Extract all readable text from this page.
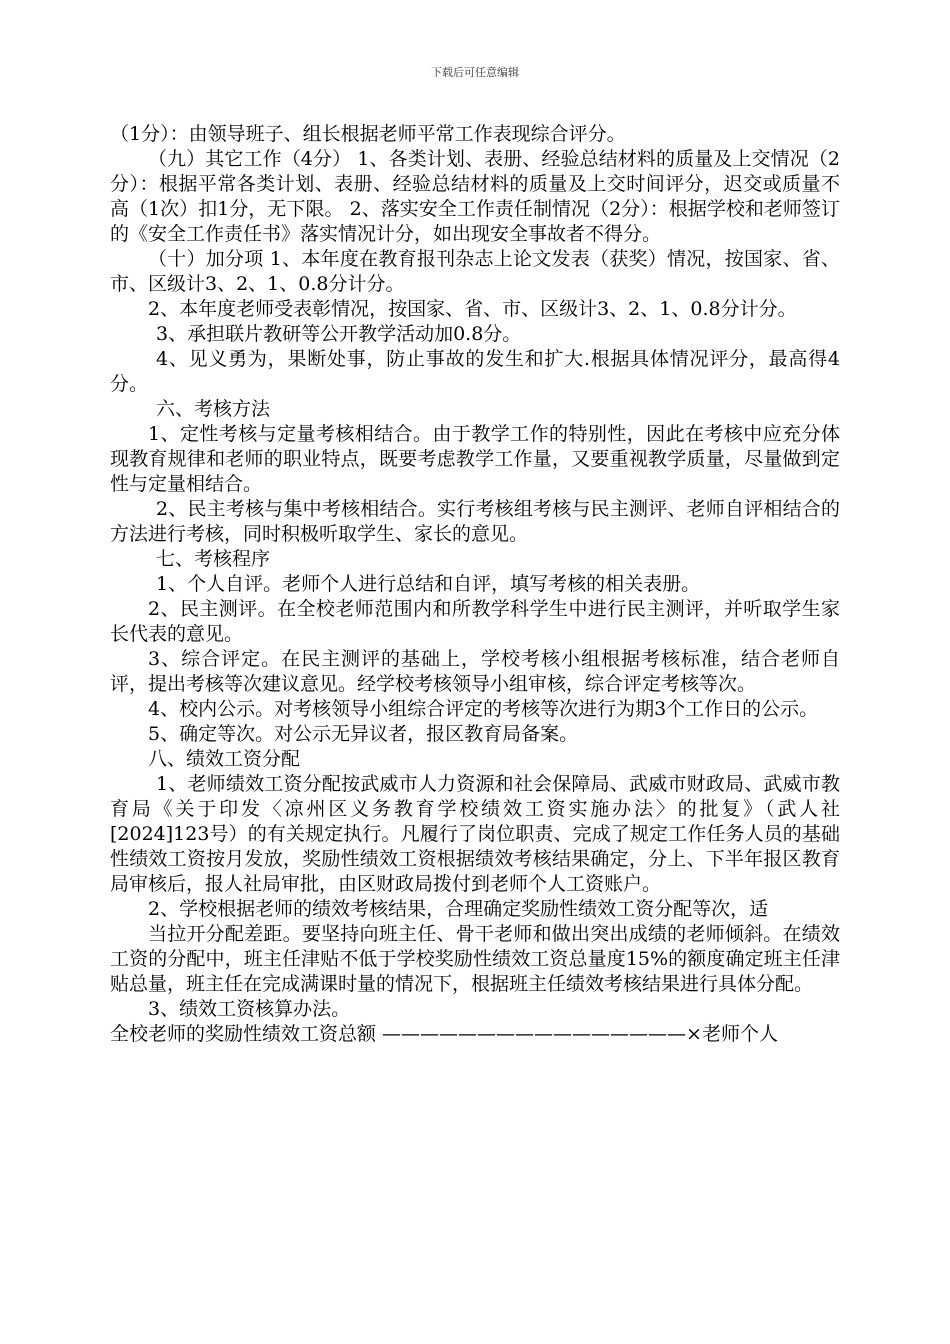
下载后可任意编辑

（1分）：由领导班子、组长根据老师平常工作表现综合评分。

（九）其它工作（4分） 1、各类计划、表册、经验总结材料的质量及上交情况（2分）：根据平常各类计划、表册、经验总结材料的质量及上交时间评分，迟交或质量不高（1次）扣1分，无下限。 2、落实安全工作责任制情况（2分）：根据学校和老师签订的《安全工作责任书》落实情况计分，如出现安全事故者不得分。

（十）加分项 1、本年度在教育报刊杂志上论文发表（获奖）情况，按国家、省、市、区级计3、2、1、0.8分计分。

2、本年度老师受表彰情况，按国家、省、市、区级计3、2、1、0.8分计分。

3、承担联片教研等公开教学活动加0.8分。

4、见义勇为，果断处事，防止事故的发生和扩大.根据具体情况评分，最高得4分。

六、考核方法

1、定性考核与定量考核相结合。由于教学工作的特别性，因此在考核中应充分体现教育规律和老师的职业特点，既要考虑教学工作量，又要重视教学质量，尽量做到定性与定量相结合。

2、民主考核与集中考核相结合。实行考核组考核与民主测评、老师自评相结合的方法进行考核，同时积极听取学生、家长的意见。

七、考核程序

1、个人自评。老师个人进行总结和自评，填写考核的相关表册。

2、民主测评。在全校老师范围内和所教学科学生中进行民主测评，并听取学生家长代表的意见。

3、综合评定。在民主测评的基础上，学校考核小组根据考核标准，结合老师自评，提出考核等次建议意见。经学校考核领导小组审核，综合评定考核等次。

4、校内公示。对考核领导小组综合评定的考核等次进行为期3个工作日的公示。

5、确定等次。对公示无异议者，报区教育局备案。

八、绩效工资分配

1、老师绩效工资分配按武威市人力资源和社会保障局、武威市财政局、武威市教育局《关于印发〈凉州区义务教育学校绩效工资实施办法〉的批复》（武人社[2024]123号）的有关规定执行。凡履行了岗位职责、完成了规定工作任务人员的基础性绩效工资按月发放，奖励性绩效工资根据绩效考核结果确定，分上、下半年报区教育局审核后，报人社局审批，由区财政局拨付到老师个人工资账户。

2、学校根据老师的绩效考核结果，合理确定奖励性绩效工资分配等次，适

当拉开分配差距。要坚持向班主任、骨干老师和做出突出成绩的老师倾斜。在绩效工资的分配中，班主任津贴不低于学校奖励性绩效工资总量度15%的额度确定班主任津贴总量，班主任在完成满课时量的情况下，根据班主任绩效考核结果进行具体分配。

3、绩效工资核算办法。

全校老师的奖励性绩效工资总额 ————————————————×老师个人
